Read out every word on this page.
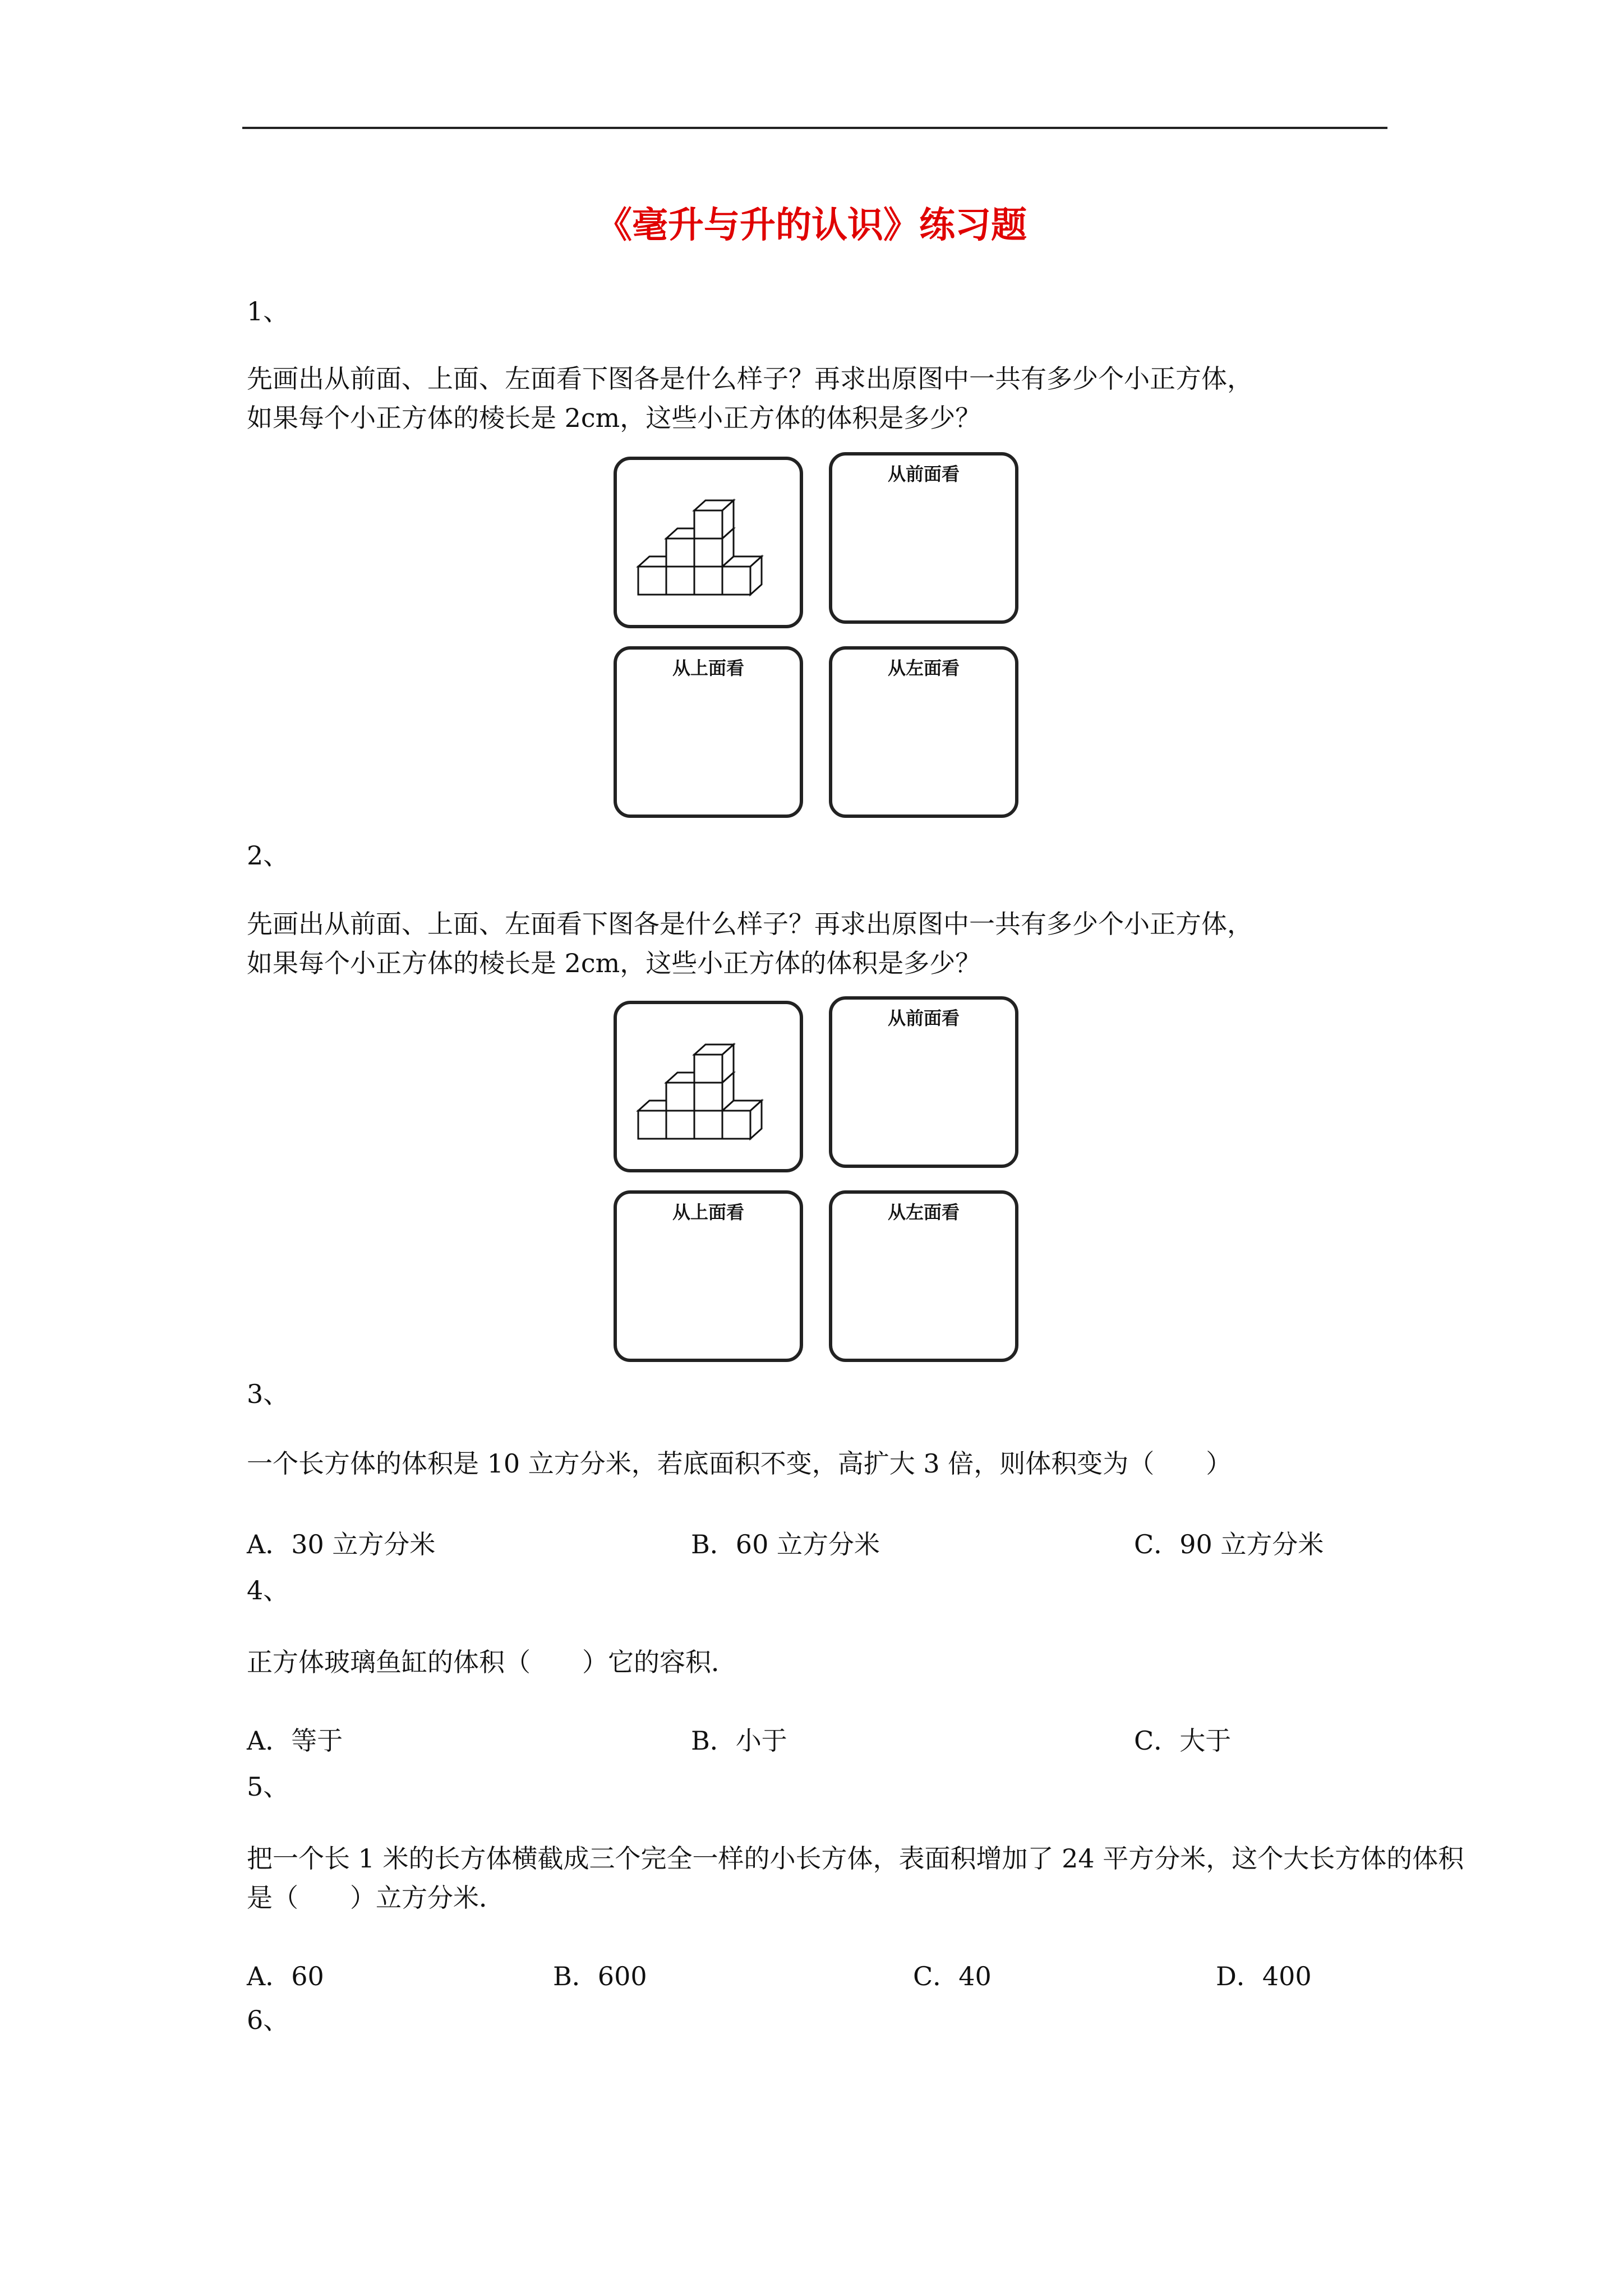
《毫升与升的认识》练习题
1、
先画出从前面、上面、左面看下图各是什么样子？再求出原图中一共有多少个小正方体，
如果每个小正方体的棱长是 2cm，这些小正方体的体积是多少？
从前面看
从上面看	从左面看
2、
先画出从前面、上面、左面看下图各是什么样子？再求出原图中一共有多少个小正方体，
如果每个小正方体的棱长是 2cm，这些小正方体的体积是多少？
从前面看
从上面看	从左面看
3、
一个长方体的体积是 10 立方分米，若底面积不变，高扩大 3 倍，则体积变为（　　）
A．30 立方分米	B．60 立方分米	C．90 立方分米
4、
正方体玻璃鱼缸的体积（　　）它的容积．
A．等于	B．小于	C．大于
5、
把一个长 1 米的长方体横截成三个完全一样的小长方体，表面积增加了 24 平方分米，这个大长方体的体积
是（　　）立方分米．
A．60	B．600	C．40	D．400
6、
